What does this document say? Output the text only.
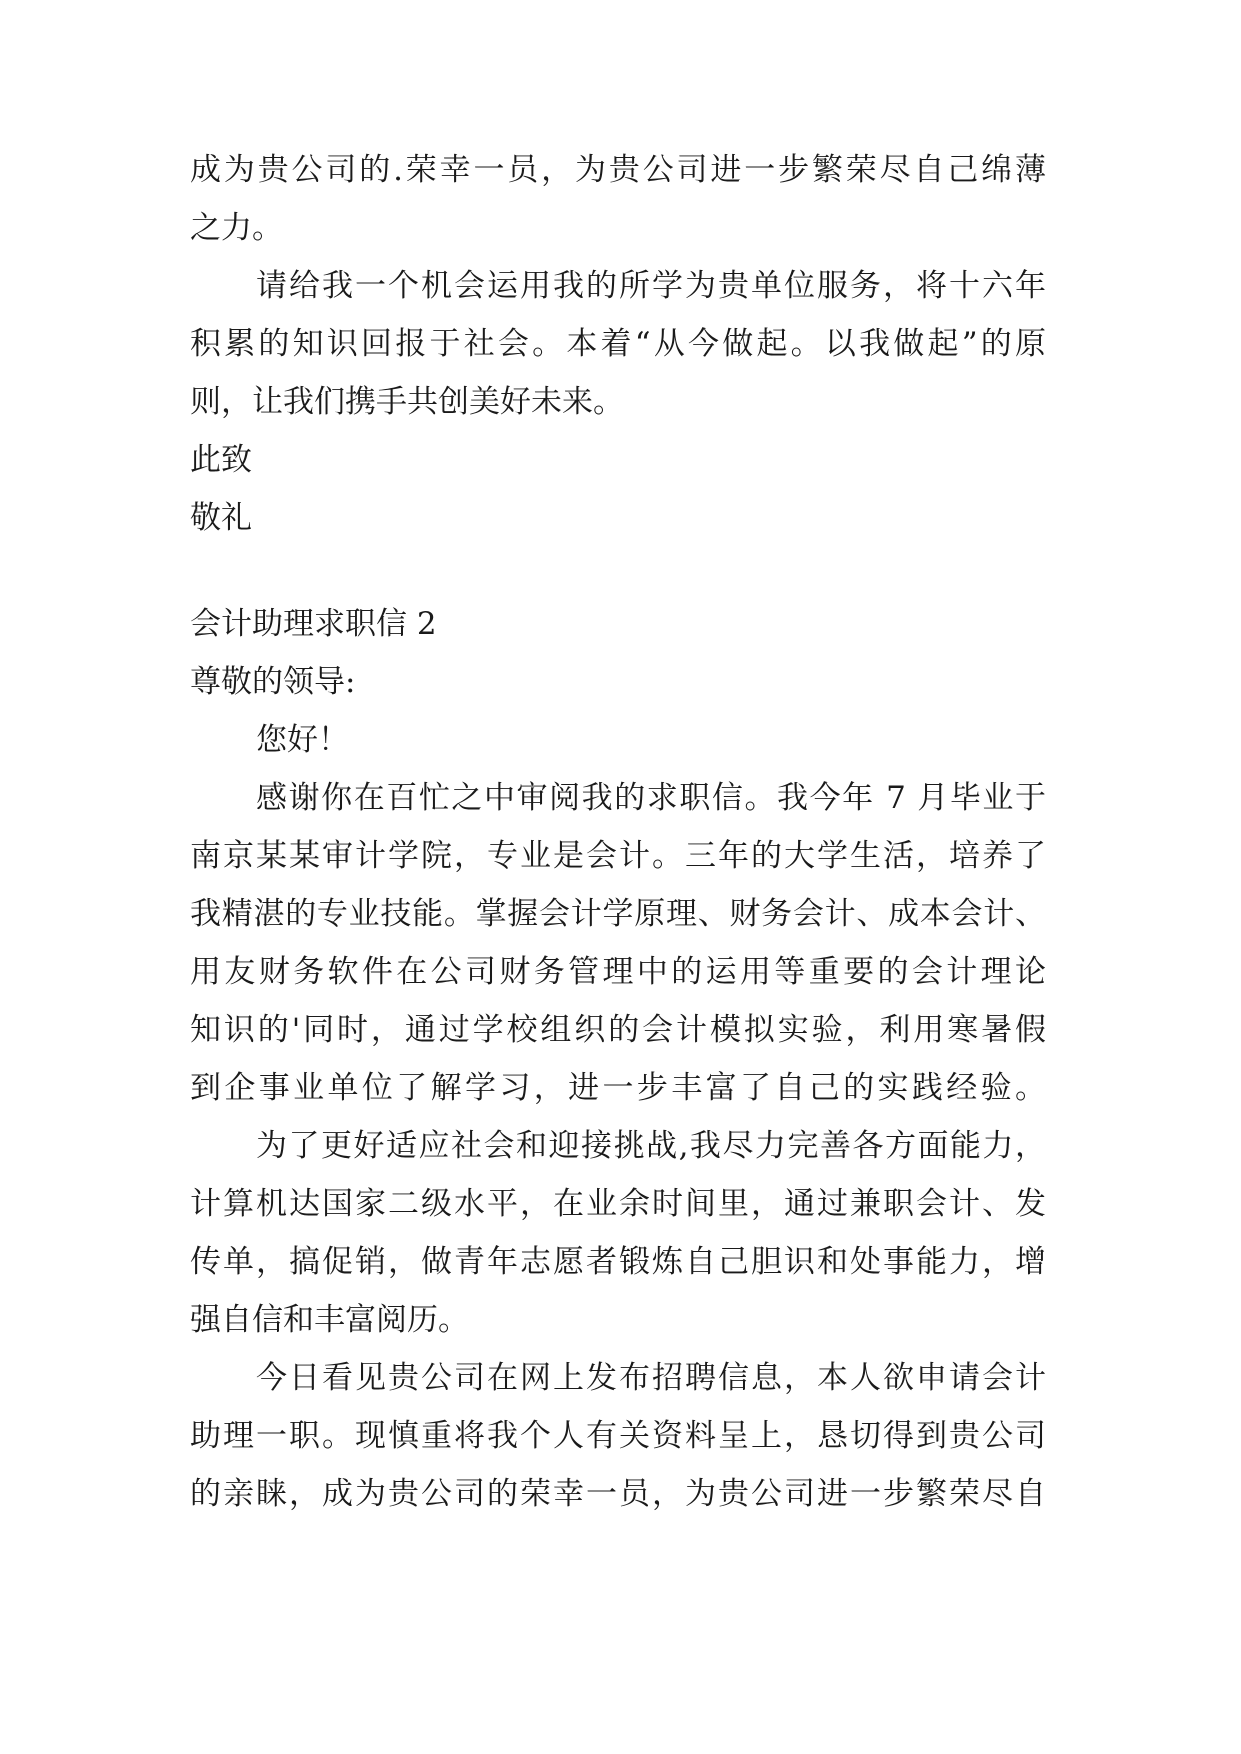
成为贵公司的.荣幸一员，为贵公司进一步繁荣尽自己绵薄

之力。

请给我一个机会运用我的所学为贵单位服务，将十六年

积累的知识回报于社会。本着“从今做起。以我做起”的原

则，让我们携手共创美好未来。

此致

敬礼

会计助理求职信 2

尊敬的领导:

您好！

感谢你在百忙之中审阅我的求职信。我今年 7 月毕业于

南京某某审计学院，专业是会计。三年的大学生活，培养了

我精湛的专业技能。掌握会计学原理、财务会计、成本会计、

用友财务软件在公司财务管理中的运用等重要的会计理论

知识的'同时，通过学校组织的会计模拟实验，利用寒暑假

到企事业单位了解学习，进一步丰富了自己的实践经验。

为了更好适应社会和迎接挑战,我尽力完善各方面能力，

计算机达国家二级水平，在业余时间里，通过兼职会计、发

传单，搞促销，做青年志愿者锻炼自己胆识和处事能力，增

强自信和丰富阅历。

今日看见贵公司在网上发布招聘信息，本人欲申请会计

助理一职。现慎重将我个人有关资料呈上，恳切得到贵公司

的亲睐，成为贵公司的荣幸一员，为贵公司进一步繁荣尽自
